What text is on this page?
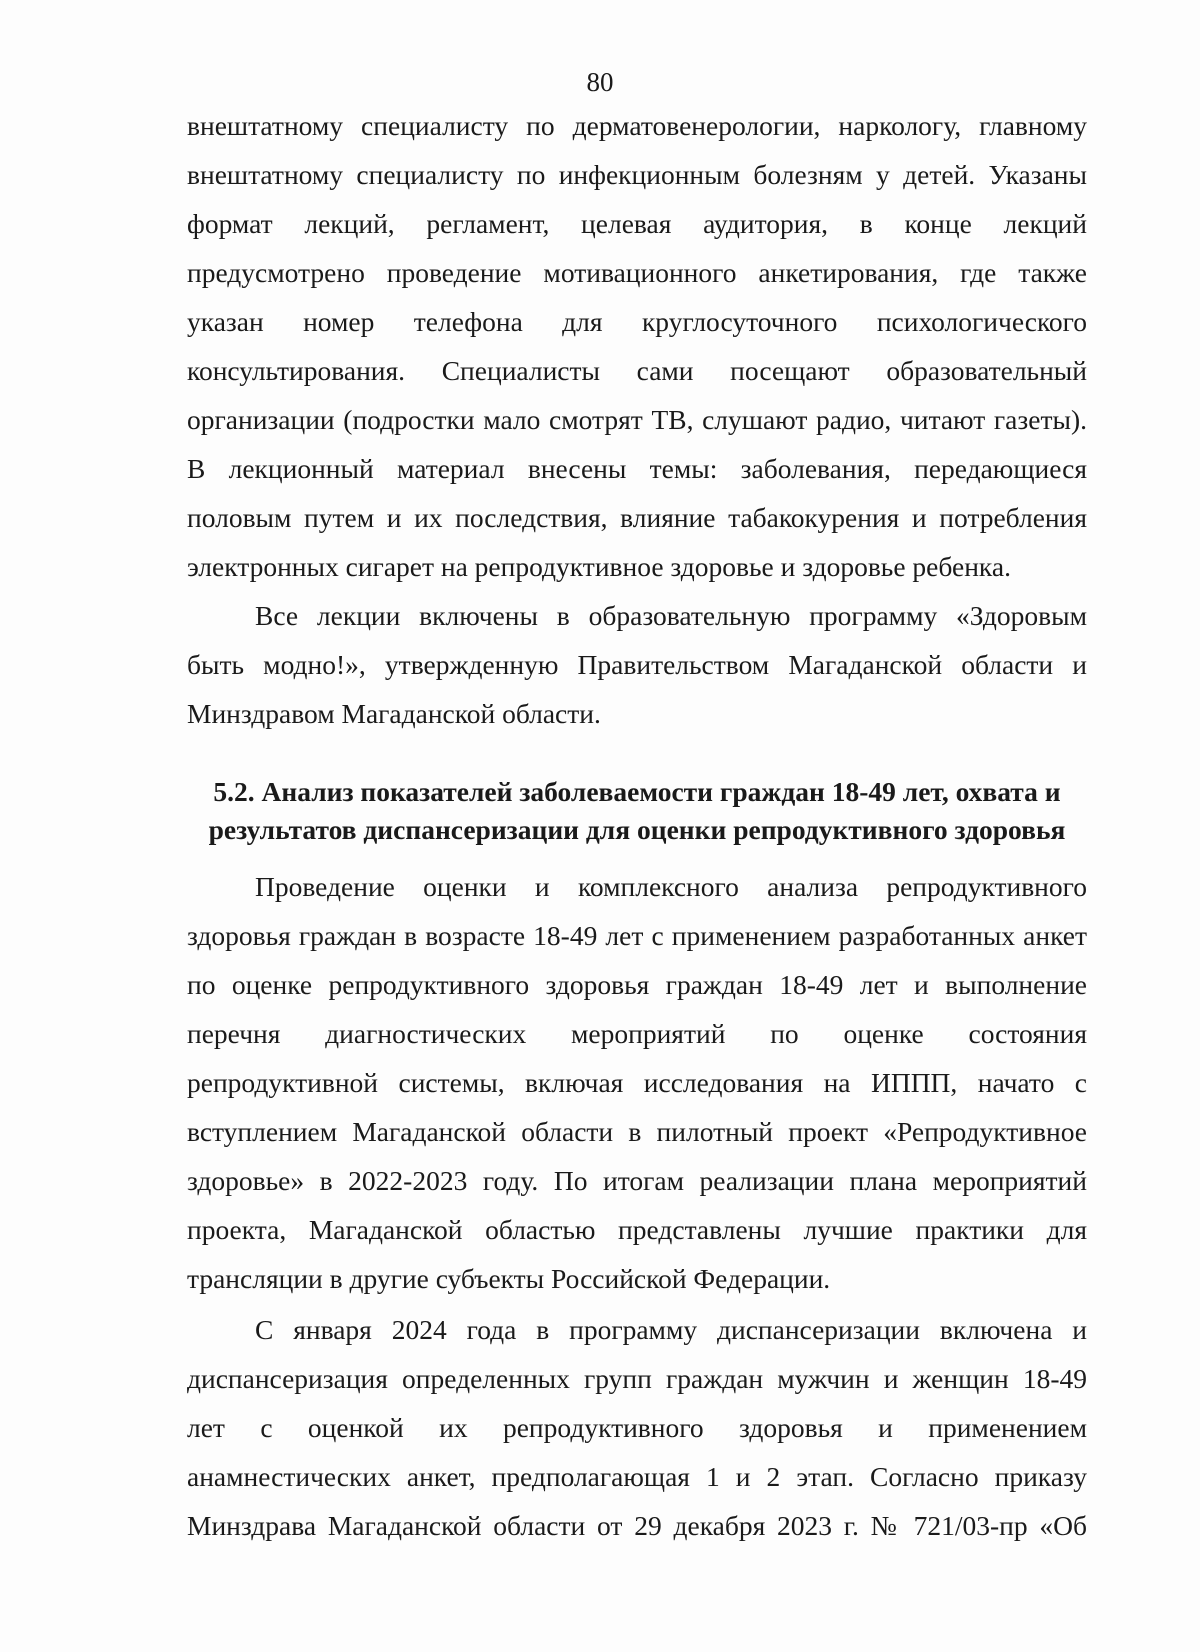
80
внештатному специалисту по дерматовенерологии, наркологу, главному
внештатному специалисту по инфекционным болезням у детей. Указаны
формат лекций, регламент, целевая аудитория, в конце лекций
предусмотрено проведение мотивационного анкетирования, где также
указан номер телефона для круглосуточного психологического
консультирования. Специалисты сами посещают образовательный
организации (подростки мало смотрят ТВ, слушают радио, читают газеты).
В лекционный материал внесены темы: заболевания, передающиеся
половым путем и их последствия, влияние табакокурения и потребления
электронных сигарет на репродуктивное здоровье и здоровье ребенка.
Все лекции включены в образовательную программу «Здоровым
быть модно!», утвержденную Правительством Магаданской области и
Минздравом Магаданской области.
5.2. Анализ показателей заболеваемости граждан 18-49 лет, охвата и
результатов диспансеризации для оценки репродуктивного здоровья
Проведение оценки и комплексного анализа репродуктивного
здоровья граждан в возрасте 18-49 лет с применением разработанных анкет
по оценке репродуктивного здоровья граждан 18-49 лет и выполнение
перечня диагностических мероприятий по оценке состояния
репродуктивной системы, включая исследования на ИППП, начато с
вступлением Магаданской области в пилотный проект «Репродуктивное
здоровье» в 2022-2023 году. По итогам реализации плана мероприятий
проекта, Магаданской областью представлены лучшие практики для
трансляции в другие субъекты Российской Федерации.
С января 2024 года в программу диспансеризации включена и
диспансеризация определенных групп граждан мужчин и женщин 18-49
лет с оценкой их репродуктивного здоровья и применением
анамнестических анкет, предполагающая 1 и 2 этап. Согласно приказу
Минздрава Магаданской области от 29 декабря 2023 г. № 721/03-пр «Об
